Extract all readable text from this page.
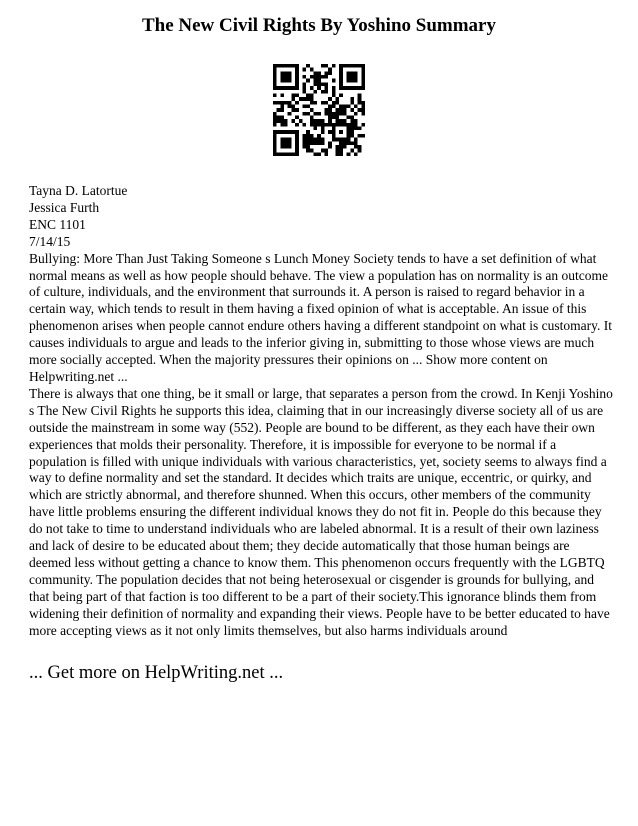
The New Civil Rights By Yoshino Summary

Tayna D. Latortue

Jessica Furth

ENC 1101

7/14/15

Bullying: More Than Just Taking Someone s Lunch Money Society tends to have a set definition of what normal means as well as how people should behave. The view a population has on normality is an outcome of culture, individuals, and the environment that surrounds it. A person is raised to regard behavior in a certain way, which tends to result in them having a fixed opinion of what is acceptable. An issue of this phenomenon arises when people cannot endure others having a different standpoint on what is customary. It causes individuals to argue and leads to the inferior giving in, submitting to those whose views are much more socially accepted. When the majority pressures their opinions on ... Show more content on Helpwriting.net ...

There is always that one thing, be it small or large, that separates a person from the crowd. In Kenji Yoshino s The New Civil Rights he supports this idea, claiming that in our increasingly diverse society all of us are outside the mainstream in some way (552). People are bound to be different, as they each have their own experiences that molds their personality. Therefore, it is impossible for everyone to be normal if a population is filled with unique individuals with various characteristics, yet, society seems to always find a way to define normality and set the standard. It decides which traits are unique, eccentric, or quirky, and which are strictly abnormal, and therefore shunned. When this occurs, other members of the community have little problems ensuring the different individual knows they do not fit in. People do this because they do not take to time to understand individuals who are labeled abnormal. It is a result of their own laziness and lack of desire to be educated about them; they decide automatically that those human beings are deemed less without getting a chance to know them. This phenomenon occurs frequently with the LGBTQ community. The population decides that not being heterosexual or cisgender is grounds for bullying, and that being part of that faction is too different to be a part of their society.This ignorance blinds them from widening their definition of normality and expanding their views. People have to be better educated to have more accepting views as it not only limits themselves, but also harms individuals around

... Get more on HelpWriting.net ...
